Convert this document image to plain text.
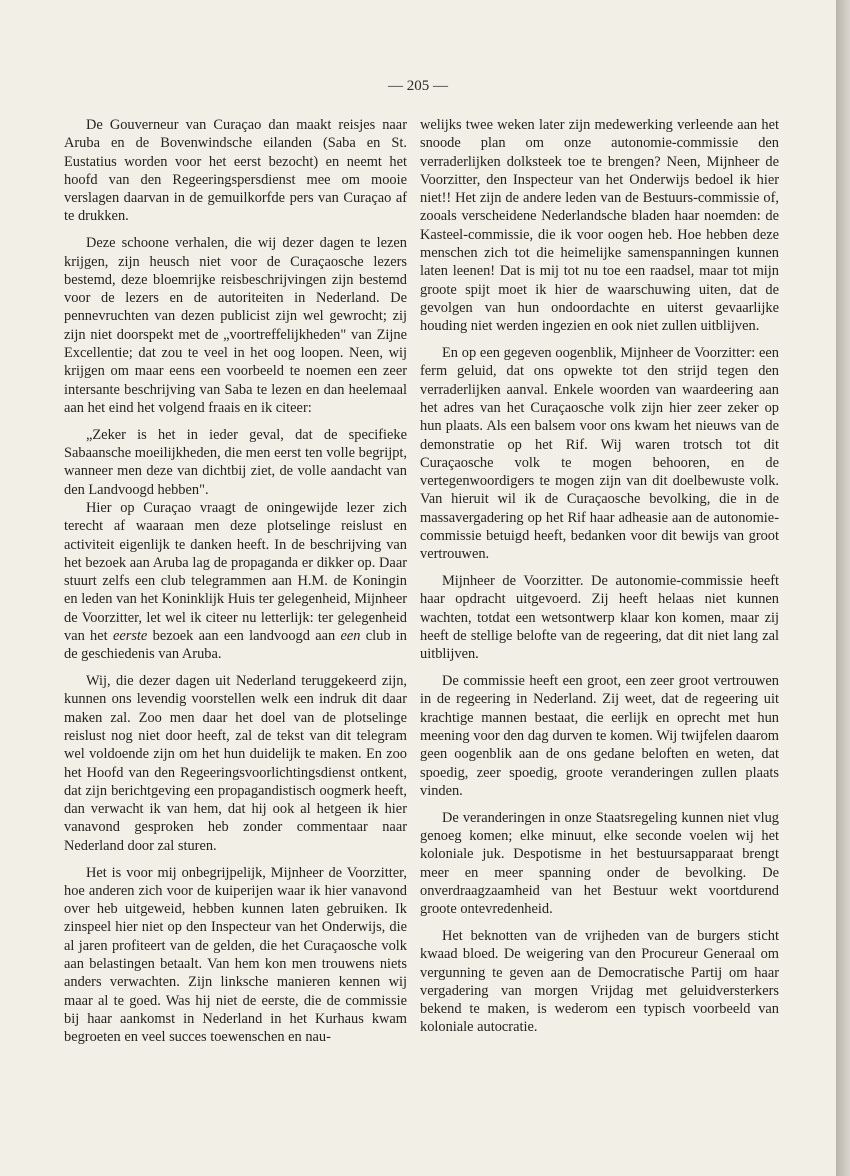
— 205 —

De Gouverneur van Curaçao dan maakt reisjes naar Aruba en de Bovenwindsche eilanden (Saba en St. Eustatius worden voor het eerst bezocht) en neemt het hoofd van den Regeeringspersdienst mee om mooie verslagen daarvan in de gemuilkorfde pers van Curaçao af te drukken.

Deze schoone verhalen, die wij dezer dagen te lezen krijgen, zijn heusch niet voor de Curaçaosche lezers bestemd, deze bloemrijke reisbeschrijvingen zijn bestemd voor de lezers en de autoriteiten in Nederland. De pennevruchten van dezen publicist zijn wel gewrocht; zij zijn niet doorspekt met de „voortreffelijkheden" van Zijne Excellentie; dat zou te veel in het oog loopen. Neen, wij krijgen om maar eens een voorbeeld te noemen een zeer intersante beschrijving van Saba te lezen en dan heelemaal aan het eind het volgend fraais en ik citeer:

„Zeker is het in ieder geval, dat de specifieke Sabaansche moeilijkheden, die men eerst ten volle begrijpt, wanneer men deze van dichtbij ziet, de volle aandacht van den Landvoogd hebben".

Hier op Curaçao vraagt de oningewijde lezer zich terecht af waaraan men deze plotselinge reislust en activiteit eigenlijk te danken heeft. In de beschrijving van het bezoek aan Aruba lag de propaganda er dikker op. Daar stuurt zelfs een club telegrammen aan H.M. de Koningin en leden van het Koninklijk Huis ter gelegenheid, Mijnheer de Voorzitter, let wel ik citeer nu letterlijk: ter gelegenheid van het eerste bezoek aan een landvoogd aan een club in de geschiedenis van Aruba.

Wij, die dezer dagen uit Nederland teruggekeerd zijn, kunnen ons levendig voorstellen welk een indruk dit daar maken zal. Zoo men daar het doel van de plotselinge reislust nog niet door heeft, zal de tekst van dit telegram wel voldoende zijn om het hun duidelijk te maken. En zoo het Hoofd van den Regeeringsvoorlichtingsdienst ontkent, dat zijn berichtgeving een propagandistisch oogmerk heeft, dan verwacht ik van hem, dat hij ook al hetgeen ik hier vanavond gesproken heb zonder commentaar naar Nederland door zal sturen.

Het is voor mij onbegrijpelijk, Mijnheer de Voorzitter, hoe anderen zich voor de kuiperijen waar ik hier vanavond over heb uitgeweid, hebben kunnen laten gebruiken. Ik zinspeel hier niet op den Inspecteur van het Onderwijs, die al jaren profiteert van de gelden, die het Curaçaosche volk aan belastingen betaalt. Van hem kon men trouwens niets anders verwachten. Zijn linksche manieren kennen wij maar al te goed. Was hij niet de eerste, die de commissie bij haar aankomst in Nederland in het Kurhaus kwam begroeten en veel succes toewenschen en nau-

welijks twee weken later zijn medewerking verleende aan het snoode plan om onze autonomie-commissie den verraderlijken dolksteek toe te brengen? Neen, Mijnheer de Voorzitter, den Inspecteur van het Onderwijs bedoel ik hier niet!! Het zijn de andere leden van de Bestuurs-commissie of, zooals verscheidene Nederlandsche bladen haar noemden: de Kasteel-commissie, die ik voor oogen heb. Hoe hebben deze menschen zich tot die heimelijke samenspanningen kunnen laten leenen! Dat is mij tot nu toe een raadsel, maar tot mijn groote spijt moet ik hier de waarschuwing uiten, dat de gevolgen van hun ondoordachte en uiterst gevaarlijke houding niet werden ingezien en ook niet zullen uitblijven.

En op een gegeven oogenblik, Mijnheer de Voorzitter: een ferm geluid, dat ons opwekte tot den strijd tegen den verraderlijken aanval. Enkele woorden van waardeering aan het adres van het Curaçaosche volk zijn hier zeer zeker op hun plaats. Als een balsem voor ons kwam het nieuws van de demonstratie op het Rif. Wij waren trotsch tot dit Curaçaosche volk te mogen behooren, en de vertegenwoordigers te mogen zijn van dit doelbewuste volk. Van hieruit wil ik de Curaçaosche bevolking, die in de massavergadering op het Rif haar adheasie aan de autonomie-commissie betuigd heeft, bedanken voor dit bewijs van groot vertrouwen.

Mijnheer de Voorzitter. De autonomie-commissie heeft haar opdracht uitgevoerd. Zij heeft helaas niet kunnen wachten, totdat een wetsontwerp klaar kon komen, maar zij heeft de stellige belofte van de regeering, dat dit niet lang zal uitblijven.

De commissie heeft een groot, een zeer groot vertrouwen in de regeering in Nederland. Zij weet, dat de regeering uit krachtige mannen bestaat, die eerlijk en oprecht met hun meening voor den dag durven te komen. Wij twijfelen daarom geen oogenblik aan de ons gedane beloften en weten, dat spoedig, zeer spoedig, groote veranderingen zullen plaats vinden.

De veranderingen in onze Staatsregeling kunnen niet vlug genoeg komen; elke minuut, elke seconde voelen wij het koloniale juk. Despotisme in het bestuursapparaat brengt meer en meer spanning onder de bevolking. De onverdraagzaamheid van het Bestuur wekt voortdurend groote ontevredenheid.

Het beknotten van de vrijheden van de burgers sticht kwaad bloed. De weigering van den Procureur Generaal om vergunning te geven aan de Democratische Partij om haar vergadering van morgen Vrijdag met geluidversterkers bekend te maken, is wederom een typisch voorbeeld van koloniale autocratie.
